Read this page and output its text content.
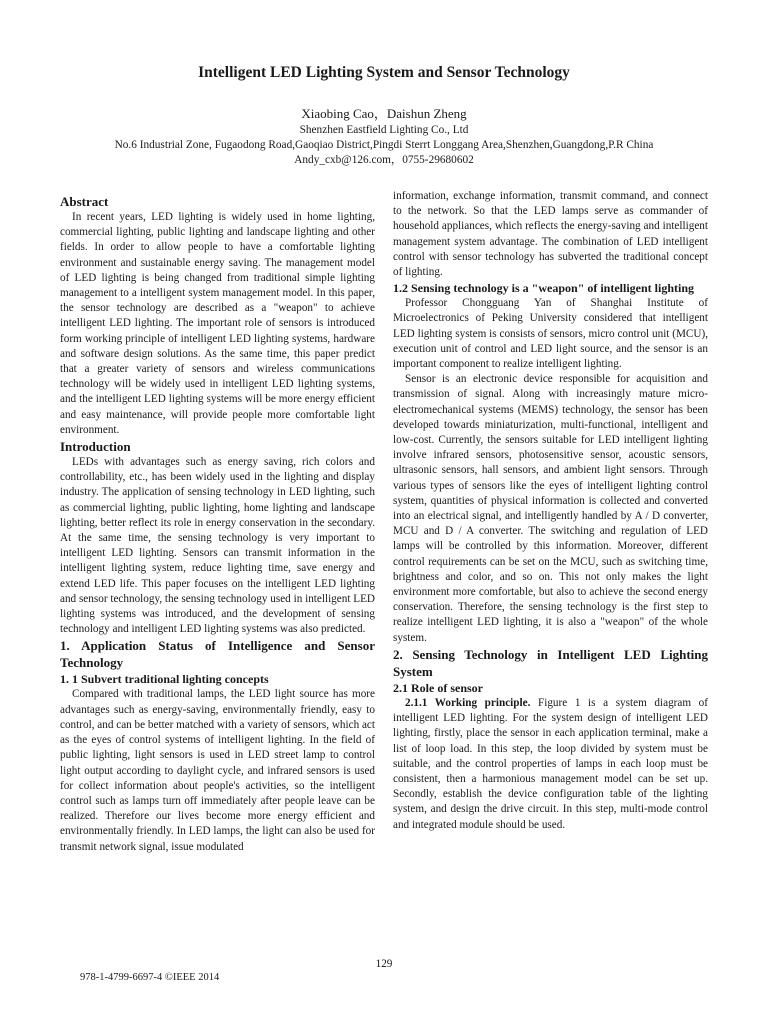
Intelligent LED Lighting System and Sensor Technology
Xiaobing Cao，Daishun Zheng
Shenzhen Eastfield Lighting Co., Ltd
No.6 Industrial Zone, Fugaodong Road,Gaoqiao District,Pingdi Sterrt Longgang Area,Shenzhen,Guangdong,P.R China
Andy_cxb@126.com，0755-29680602
Abstract

In recent years, LED lighting is widely used in home lighting, commercial lighting, public lighting and landscape lighting and other fields. In order to allow people to have a comfortable lighting environment and sustainable energy saving. The management model of LED lighting is being changed from traditional simple lighting management to a intelligent system management model. In this paper, the sensor technology are described as a "weapon" to achieve intelligent LED lighting. The important role of sensors is introduced form working principle of intelligent LED lighting systems, hardware and software design solutions. As the same time, this paper predict that a greater variety of sensors and wireless communications technology will be widely used in intelligent LED lighting systems, and the intelligent LED lighting systems will be more energy efficient and easy maintenance, will provide people more comfortable light environment.

Introduction

LEDs with advantages such as energy saving, rich colors and controllability, etc., has been widely used in the lighting and display industry. The application of sensing technology in LED lighting, such as commercial lighting, public lighting, home lighting and landscape lighting, better reflect its role in energy conservation in the secondary. At the same time, the sensing technology is very important to intelligent LED lighting. Sensors can transmit information in the intelligent lighting system, reduce lighting time, save energy and extend LED life. This paper focuses on the intelligent LED lighting and sensor technology, the sensing technology used in intelligent LED lighting systems was introduced, and the development of sensing technology and intelligent LED lighting systems was also predicted.

1. Application Status of Intelligence and Sensor Technology
1. 1 Subvert traditional lighting concepts

Compared with traditional lamps, the LED light source has more advantages such as energy-saving, environmentally friendly, easy to control, and can be better matched with a variety of sensors, which act as the eyes of control systems of intelligent lighting. In the field of public lighting, light sensors is used in LED street lamp to control light output according to daylight cycle, and infrared sensors is used for collect information about people's activities, so the intelligent control such as lamps turn off immediately after people leave can be realized. Therefore our lives become more energy efficient and environmentally friendly. In LED lamps, the light can also be used for transmit network signal, issue modulated

information, exchange information, transmit command, and connect to the network. So that the LED lamps serve as commander of household appliances, which reflects the energy-saving and intelligent management system advantage. The combination of LED intelligent control with sensor technology has subverted the traditional concept of lighting.

1.2 Sensing technology is a "weapon" of intelligent lighting

Professor Chongguang Yan of Shanghai Institute of Microelectronics of Peking University considered that intelligent LED lighting system is consists of sensors, micro control unit (MCU), execution unit of control and LED light source, and the sensor is an important component to realize intelligent lighting.

Sensor is an electronic device responsible for acquisition and transmission of signal. Along with increasingly mature micro-electromechanical systems (MEMS) technology, the sensor has been developed towards miniaturization, multi-functional, intelligent and low-cost. Currently, the sensors suitable for LED intelligent lighting involve infrared sensors, photosensitive sensor, acoustic sensors, ultrasonic sensors, hall sensors, and ambient light sensors. Through various types of sensors like the eyes of intelligent lighting control system, quantities of physical information is collected and converted into an electrical signal, and intelligently handled by A / D converter, MCU and D / A converter. The switching and regulation of LED lamps will be controlled by this information. Moreover, different control requirements can be set on the MCU, such as switching time, brightness and color, and so on. This not only makes the light environment more comfortable, but also to achieve the second energy conservation. Therefore, the sensing technology is the first step to realize intelligent LED lighting, it is also a "weapon" of the whole system.

2. Sensing Technology in Intelligent LED Lighting System
2.1 Role of sensor

2.1.1 Working principle. Figure 1 is a system diagram of intelligent LED lighting. For the system design of intelligent LED lighting, firstly, place the sensor in each application terminal, make a list of loop load. In this step, the loop divided by system must be suitable, and the control properties of lamps in each loop must be consistent, then a harmonious management model can be set up. Secondly, establish the device configuration table of the lighting system, and design the drive circuit. In this step, multi-mode control and integrated module should be used.

129
978-1-4799-6697-4 ©IEEE 2014
